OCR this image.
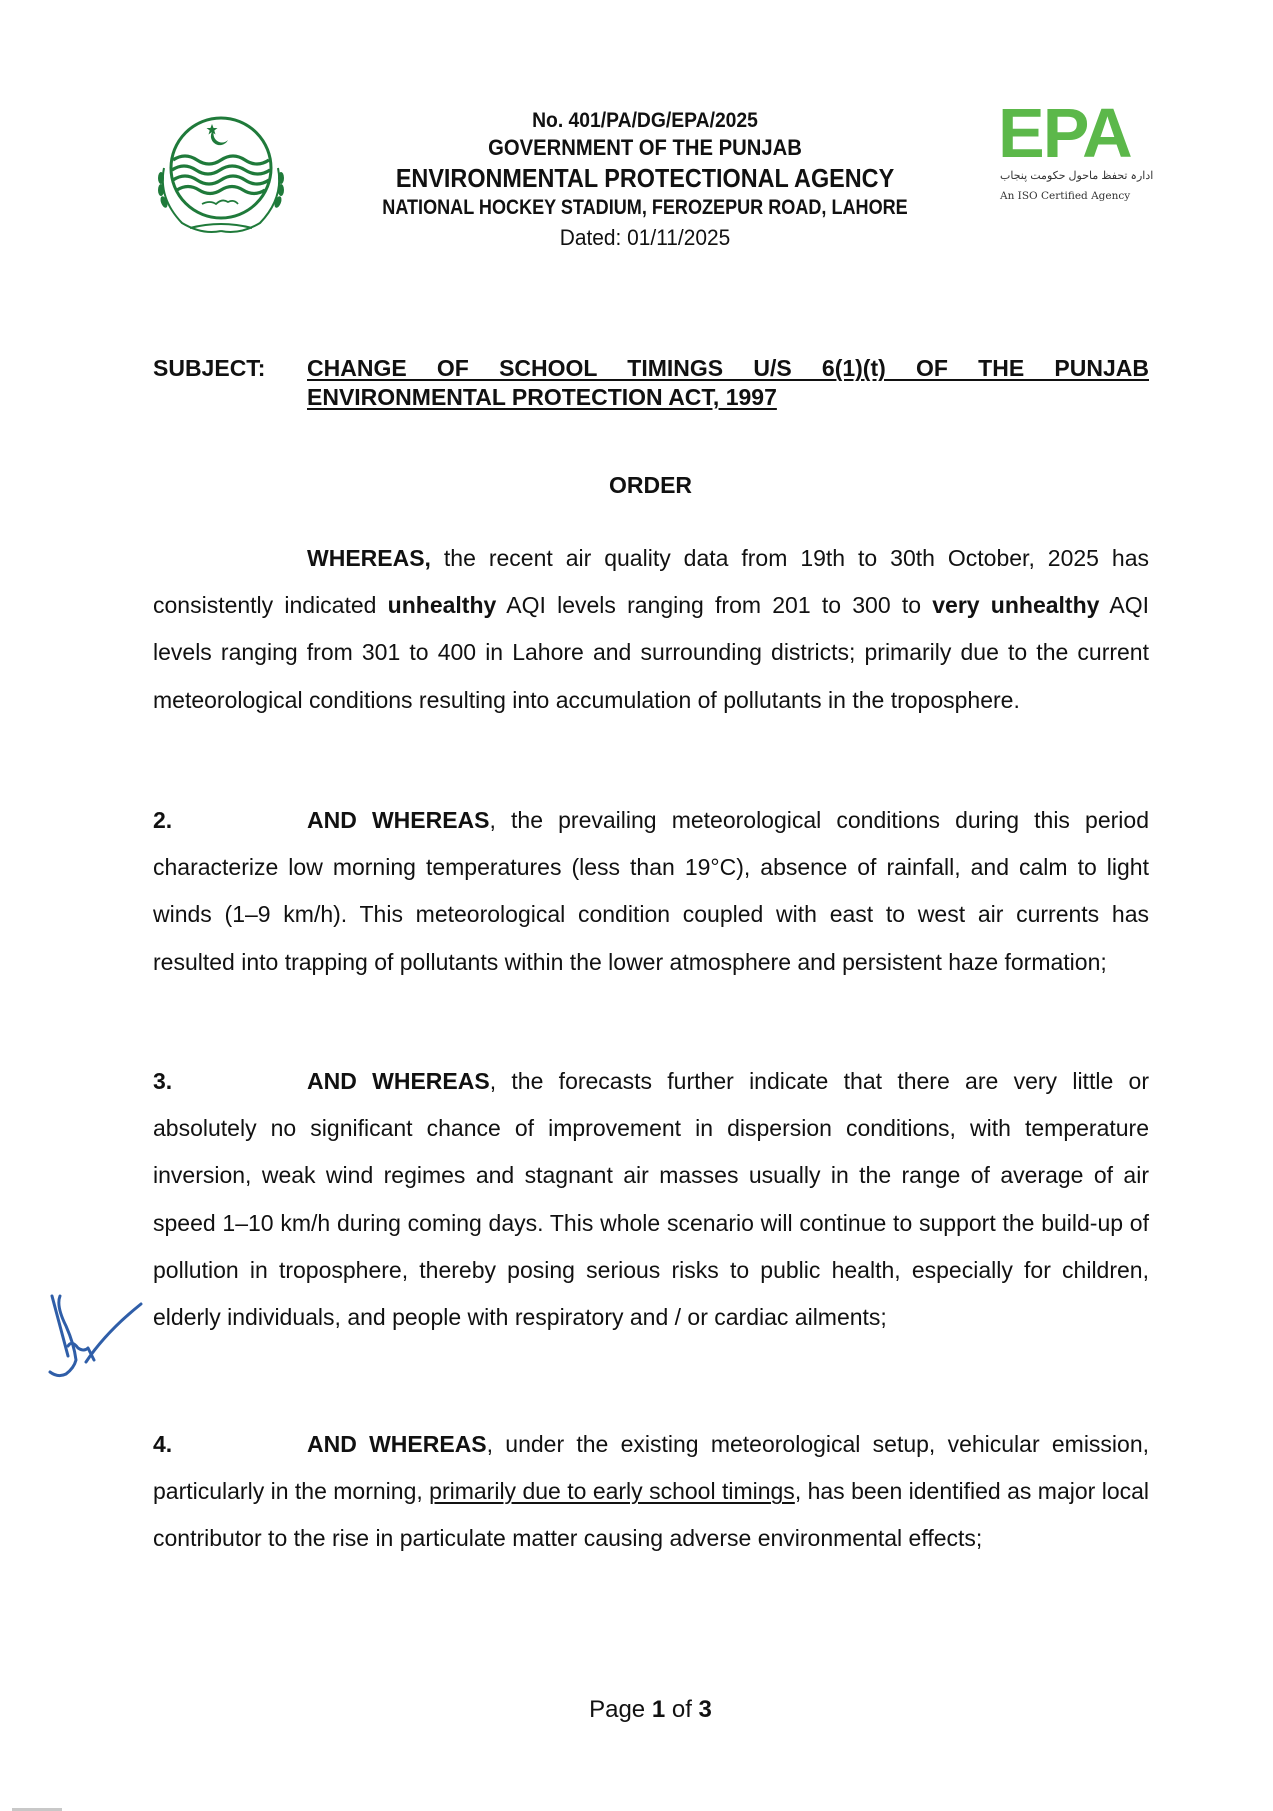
EPA
ادارہ تحفظ ماحول حکومت پنجاب
An ISO Certified Agency
No. 401/PA/DG/EPA/2025
GOVERNMENT OF THE PUNJAB
ENVIRONMENTAL PROTECTIONAL AGENCY
NATIONAL HOCKEY STADIUM, FEROZEPUR ROAD, LAHORE
Dated: 01/11/2025
SUBJECT:	CHANGE OF SCHOOL TIMINGS U/S 6(1)(t) OF THE PUNJAB
ENVIRONMENTAL PROTECTION ACT, 1997
ORDER
WHEREAS, the recent air quality data from 19th to 30th October, 2025 has consistently indicated unhealthy AQI levels ranging from 201 to 300 to very unhealthy AQI levels ranging from 301 to 400 in Lahore and surrounding districts; primarily due to the current meteorological conditions resulting into accumulation of pollutants in the troposphere.
2.	AND WHEREAS, the prevailing meteorological conditions during this period characterize low morning temperatures (less than 19°C), absence of rainfall, and calm to light winds (1–9 km/h). This meteorological condition coupled with east to west air currents has resulted into trapping of pollutants within the lower atmosphere and persistent haze formation;
3.	AND WHEREAS, the forecasts further indicate that there are very little or absolutely no significant chance of improvement in dispersion conditions, with temperature inversion, weak wind regimes and stagnant air masses usually in the range of average of air speed 1–10 km/h during coming days. This whole scenario will continue to support the build-up of pollution in troposphere, thereby posing serious risks to public health, especially for children, elderly individuals, and people with respiratory and / or cardiac ailments;
4.	AND WHEREAS, under the existing meteorological setup, vehicular emission, particularly in the morning, primarily due to early school timings, has been identified as major local contributor to the rise in particulate matter causing adverse environmental effects;
Page 1 of 3
